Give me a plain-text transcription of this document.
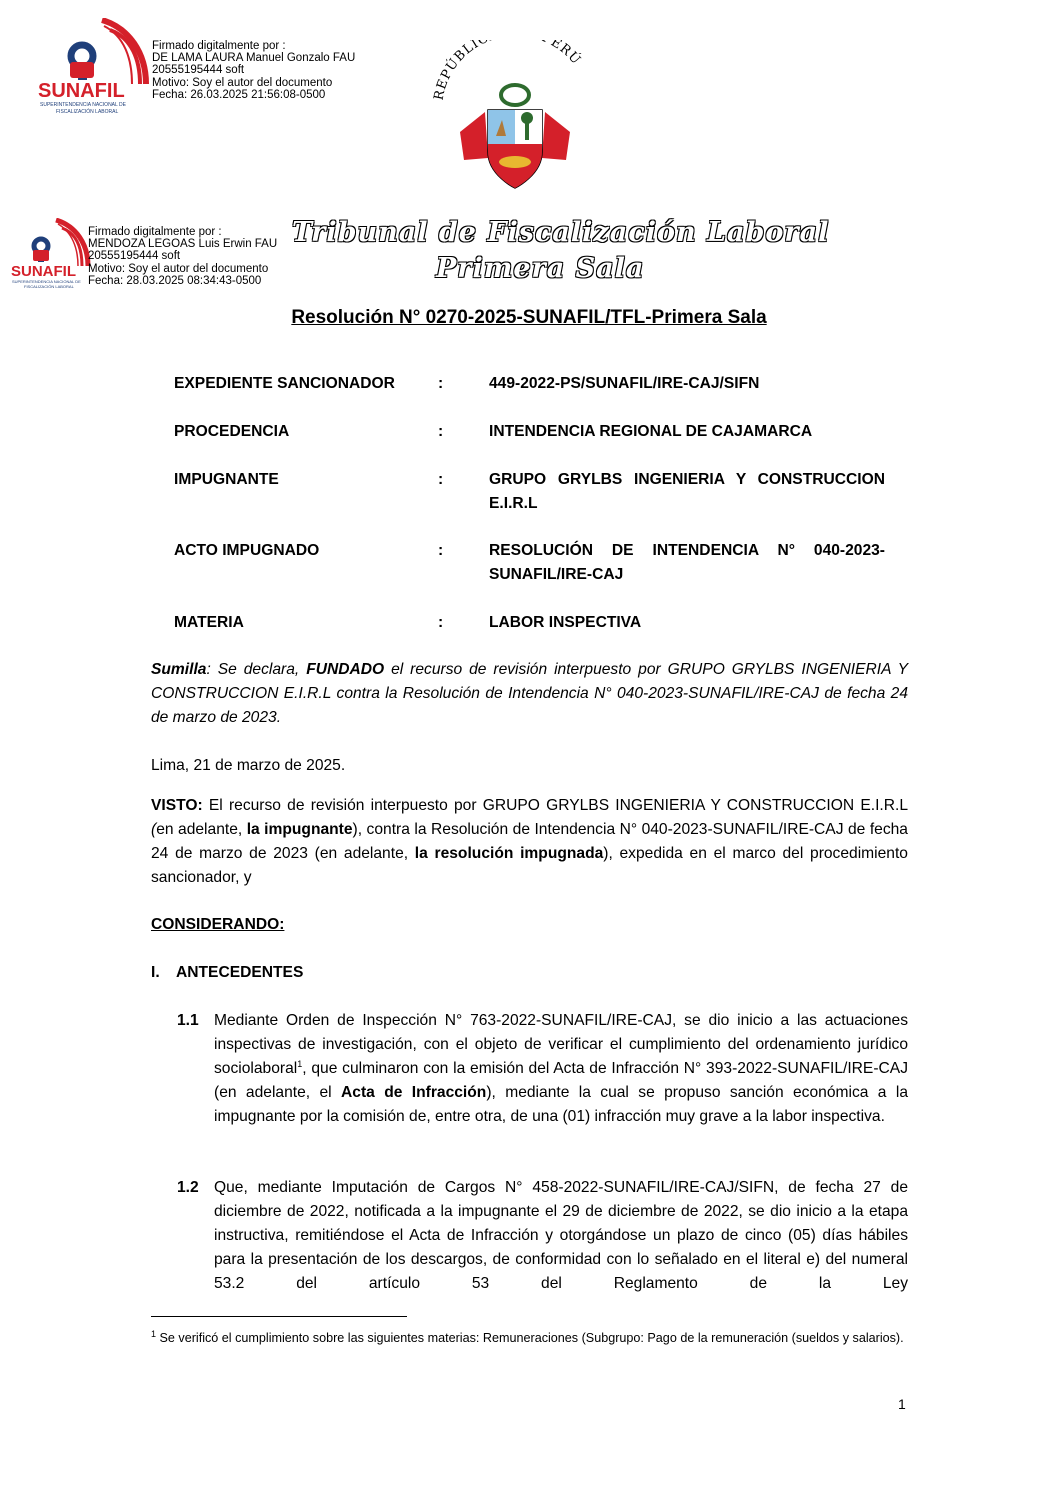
SUNAFIL
SUPERINTENDENCIA NACIONAL DE
FISCALIZACIÓN LABORAL
Firmado digitalmente por :
DE LAMA LAURA Manuel Gonzalo FAU
20555195444 soft
Motivo: Soy el autor del documento
Fecha: 26.03.2025 21:56:08-0500	REPÚBLI ERÚ
SUNAFIL
SUPERINTENDENCIA NACIONAL DE
FISCALIZACIÓN LABORAL
Firmado digitalmente por :
MENDOZA LEGOAS Luis Erwin FAU
20555195444 soft
Motivo: Soy el autor del documento
Fecha: 28.03.2025 08:34:43-0500
Tribunal de Fiscalización Laboral
Primera Sala
Resolución N° 0270-2025-SUNAFIL/TFL-Primera Sala
EXPEDIENTE SANCIONADOR	:	449-2022-PS/SUNAFIL/IRE-CAJ/SIFN
PROCEDENCIA	:	INTENDENCIA REGIONAL DE CAJAMARCA
IMPUGNANTE	:	GRUPO GRYLBS INGENIERIA Y CONSTRUCCION E.I.R.L
ACTO IMPUGNADO	:	RESOLUCIÓN DE INTENDENCIA N° 040-2023-SUNAFIL/IRE-CAJ
MATERIA	:	LABOR INSPECTIVA
Sumilla: Se declara, FUNDADO el recurso de revisión interpuesto por GRUPO GRYLBS INGENIERIA Y CONSTRUCCION E.I.R.L contra la Resolución de Intendencia N° 040-2023-SUNAFIL/IRE-CAJ de fecha 24 de marzo de 2023.
Lima, 21 de marzo de 2025.
VISTO: El recurso de revisión interpuesto por GRUPO GRYLBS INGENIERIA Y CONSTRUCCION E.I.R.L (en adelante, la impugnante), contra la Resolución de Intendencia N° 040-2023-SUNAFIL/IRE-CAJ de fecha 24 de marzo de 2023 (en adelante, la resolución impugnada), expedida en el marco del procedimiento sancionador, y
CONSIDERANDO:
I. ANTECEDENTES
1.1 Mediante Orden de Inspección N° 763-2022-SUNAFIL/IRE-CAJ, se dio inicio a las actuaciones inspectivas de investigación, con el objeto de verificar el cumplimiento del ordenamiento jurídico sociolaboral$^1$, que culminaron con la emisión del Acta de Infracción N° 393-2022-SUNAFIL/IRE-CAJ (en adelante, el Acta de Infracción), mediante la cual se propuso sanción económica a la impugnante por la comisión de, entre otra, de una (01) infracción muy grave a la labor inspectiva.
1.2 Que, mediante Imputación de Cargos N° 458-2022-SUNAFIL/IRE-CAJ/SIFN, de fecha 27 de diciembre de 2022, notificada a la impugnante el 29 de diciembre de 2022, se dio inicio a la etapa instructiva, remitiéndose el Acta de Infracción y otorgándose un plazo de cinco (05) días hábiles para la presentación de los descargos, de conformidad con lo señalado en el literal e) del numeral 53.2 del artículo 53 del Reglamento de la Ley
$^1$ Se verificó el cumplimiento sobre las siguientes materias: Remuneraciones (Subgrupo: Pago de la remuneración (sueldos y salarios).
1
